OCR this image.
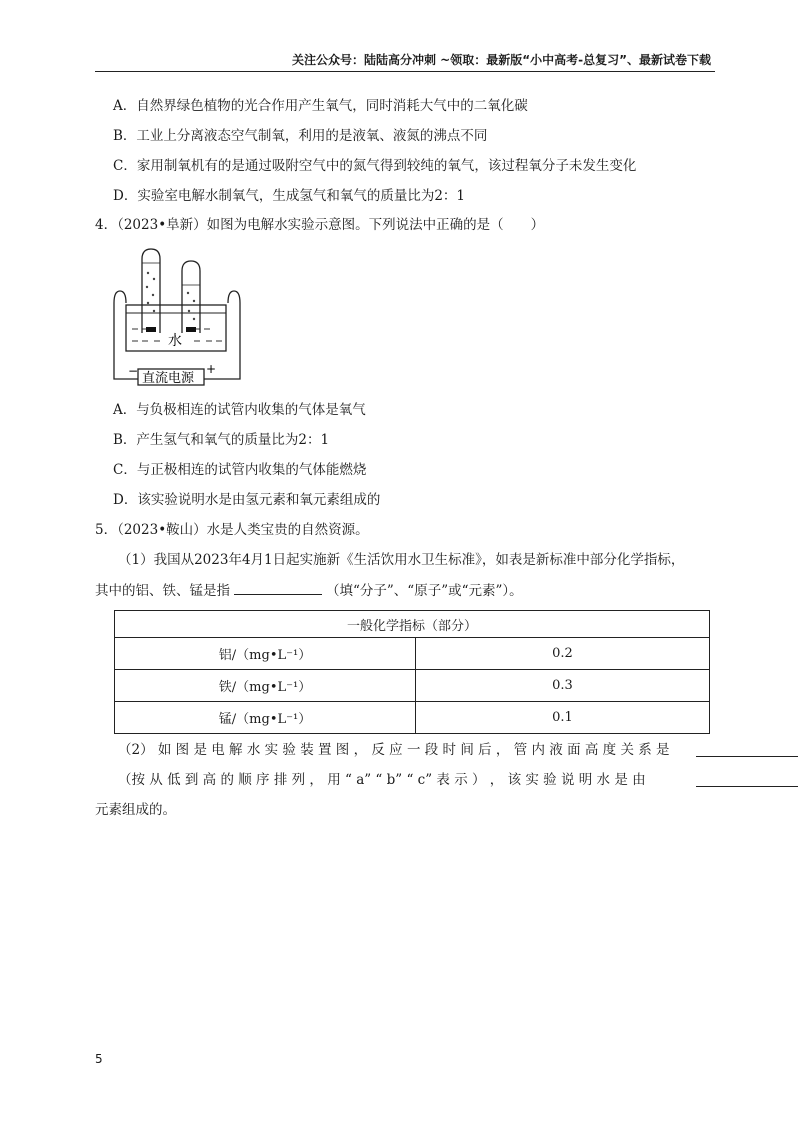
关注公众号：陆陆高分冲刺 ~领取：最新版“小中高考-总复习”、最新试卷下载
A．自然界绿色植物的光合作用产生氧气，同时消耗大气中的二氧化碳
B．工业上分离液态空气制氧，利用的是液氧、液氮的沸点不同
C．家用制氧机有的是通过吸附空气中的氮气得到较纯的氧气，该过程氧分子未发生变化
D．实验室电解水制氧气，生成氢气和氧气的质量比为2：1
4．（2023•阜新）如图为电解水实验示意图。下列说法中正确的是（　　）
水
直流电源
−	+
A．与负极相连的试管内收集的气体是氧气
B．产生氢气和氧气的质量比为2：1
C．与正极相连的试管内收集的气体能燃烧
D．该实验说明水是由氢元素和氧元素组成的
5．（2023•鞍山）水是人类宝贵的自然资源。
（1）我国从2023年4月1日起实施新《生活饮用水卫生标准》，如表是新标准中部分化学指标，
其中的铝、铁、锰是指	（填“分子”、“原子”或“元素”）。
一般化学指标（部分）	
铝/（mg•L⁻¹）	0.2
铁/（mg•L⁻¹）	0.3
锰/（mg•L⁻¹）	0.1
（2） 如 图 是 电 解 水 实 验 装 置 图 ， 反 应 一 段 时 间 后 ， 管 内 液 面 高 度 关 系 是
（按 从 低 到 高 的 顺 序 排 列 ， 用 “ a” “ b” “ c” 表 示 ） ， 该 实 验 说 明 水 是 由
元素组成的。
5
